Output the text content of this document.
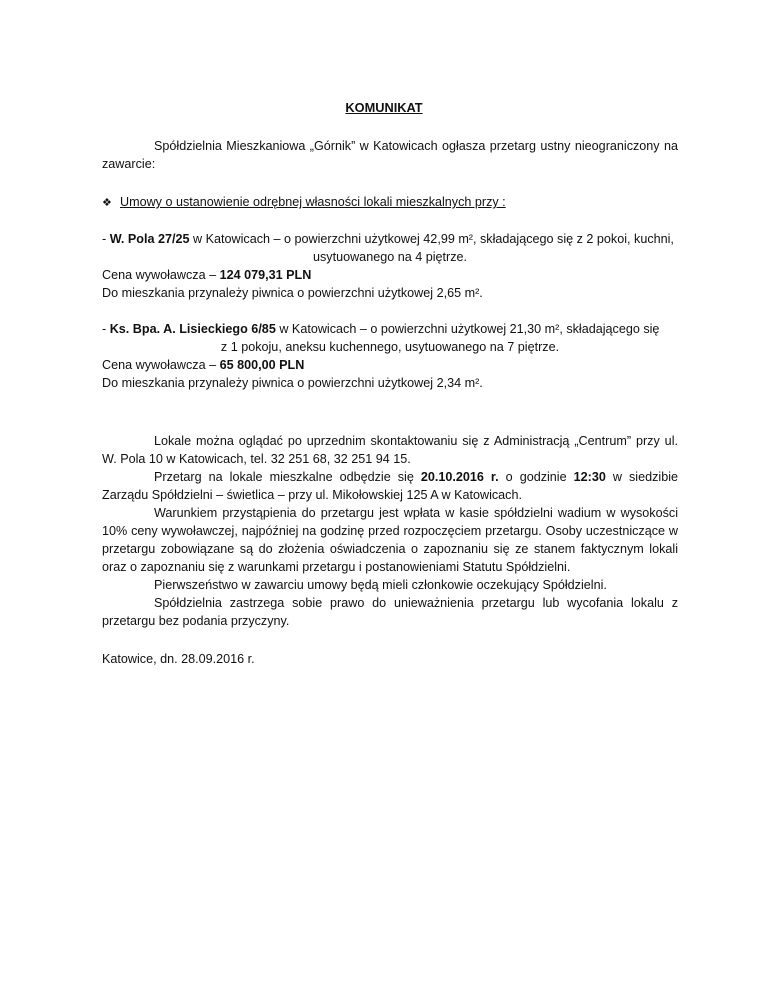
KOMUNIKAT
Spółdzielnia Mieszkaniowa „Górnik” w Katowicach ogłasza przetarg ustny nieograniczony na zawarcie:
❖ Umowy o ustanowienie odrębnej własności lokali mieszkalnych przy :
- W. Pola 27/25 w Katowicach – o powierzchni użytkowej 42,99 m², składającego się z 2 pokoi, kuchni,
usytuowanego na 4 piętrze.
Cena wywoławcza – 124 079,31 PLN
Do mieszkania przynależy piwnica o powierzchni użytkowej 2,65 m².
- Ks. Bpa. A. Lisieckiego 6/85 w Katowicach – o powierzchni użytkowej 21,30 m², składającego się
z 1 pokoju, aneksu kuchennego, usytuowanego na 7 piętrze.
Cena wywoławcza – 65 800,00 PLN
Do mieszkania przynależy piwnica o powierzchni użytkowej 2,34 m².
Lokale można oglądać po uprzednim skontaktowaniu się z Administracją „Centrum” przy ul. W. Pola 10 w Katowicach, tel. 32 251 68, 32 251 94 15.
Przetarg na lokale mieszkalne odbędzie się 20.10.2016 r. o godzinie 12:30 w siedzibie Zarządu Spółdzielni – świetlica – przy ul. Mikołowskiej 125 A w Katowicach.
Warunkiem przystąpienia do przetargu jest wpłata w kasie spółdzielni wadium w wysokości 10% ceny wywoławczej, najpóźniej na godzinę przed rozpoczęciem przetargu. Osoby uczestniczące w przetargu zobowiązane są do złożenia oświadczenia o zapoznaniu się ze stanem faktycznym lokali oraz o zapoznaniu się z warunkami przetargu i postanowieniami Statutu Spółdzielni.
Pierwszeństwo w zawarciu umowy będą mieli członkowie oczekujący Spółdzielni.
Spółdzielnia zastrzega sobie prawo do unieważnienia przetargu lub wycofania lokalu z przetargu bez podania przyczyny.
Katowice, dn. 28.09.2016 r.
